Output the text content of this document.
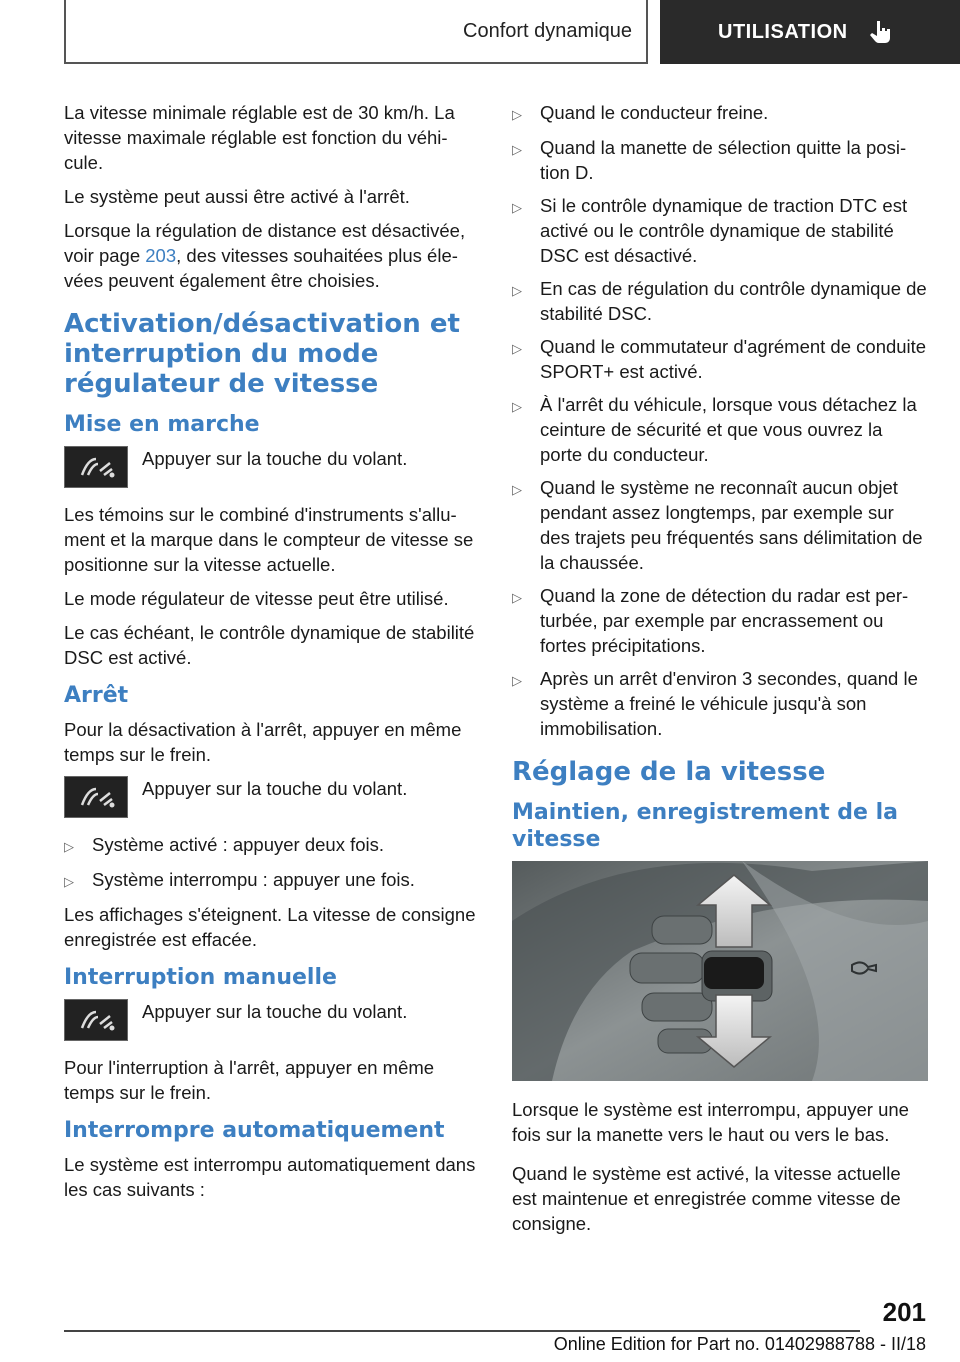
Confort dynamique	UTILISATION

La vitesse minimale réglable est de 30 km/h. La vitesse maximale réglable est fonction du véhicule.

Le système peut aussi être activé à l'arrêt.

Lorsque la régulation de distance est désactivée, voir page 203, des vitesses souhaitées plus élevées peuvent également être choisies.

Activation/désactivation et interruption du mode régulateur de vitesse
Mise en marche

Appuyer sur la touche du volant.

Les témoins sur le combiné d'instruments s'allument et la marque dans le compteur de vitesse se positionne sur la vitesse actuelle.

Le mode régulateur de vitesse peut être utilisé.

Le cas échéant, le contrôle dynamique de stabilité DSC est activé.

Arrêt

Pour la désactivation à l'arrêt, appuyer en même temps sur le frein.

Appuyer sur la touche du volant.

▷ Système activé : appuyer deux fois.
▷ Système interrompu : appuyer une fois.

Les affichages s'éteignent. La vitesse de consigne enregistrée est effacée.

Interruption manuelle

Appuyer sur la touche du volant.

Pour l'interruption à l'arrêt, appuyer en même temps sur le frein.

Interrompre automatiquement

Le système est interrompu automatiquement dans les cas suivants :

▷ Quand le conducteur freine.
▷ Quand la manette de sélection quitte la position D.
▷ Si le contrôle dynamique de traction DTC est activé ou le contrôle dynamique de stabilité DSC est désactivé.
▷ En cas de régulation du contrôle dynamique de stabilité DSC.
▷ Quand le commutateur d'agrément de conduite SPORT+ est activé.
▷ À l'arrêt du véhicule, lorsque vous détachez la ceinture de sécurité et que vous ouvrez la porte du conducteur.
▷ Quand le système ne reconnaît aucun objet pendant assez longtemps, par exemple sur des trajets peu fréquentés sans délimitation de la chaussée.
▷ Quand la zone de détection du radar est perturbée, par exemple par encrassement ou fortes précipitations.
▷ Après un arrêt d'environ 3 secondes, quand le système a freiné le véhicule jusqu'à son immobilisation.
Réglage de la vitesse
Maintien, enregistrement de la vitesse

Lorsque le système est interrompu, appuyer une fois sur la manette vers le haut ou vers le bas.

Quand le système est activé, la vitesse actuelle est maintenue et enregistrée comme vitesse de consigne.

201
Online Edition for Part no. 01402988788 - II/18
